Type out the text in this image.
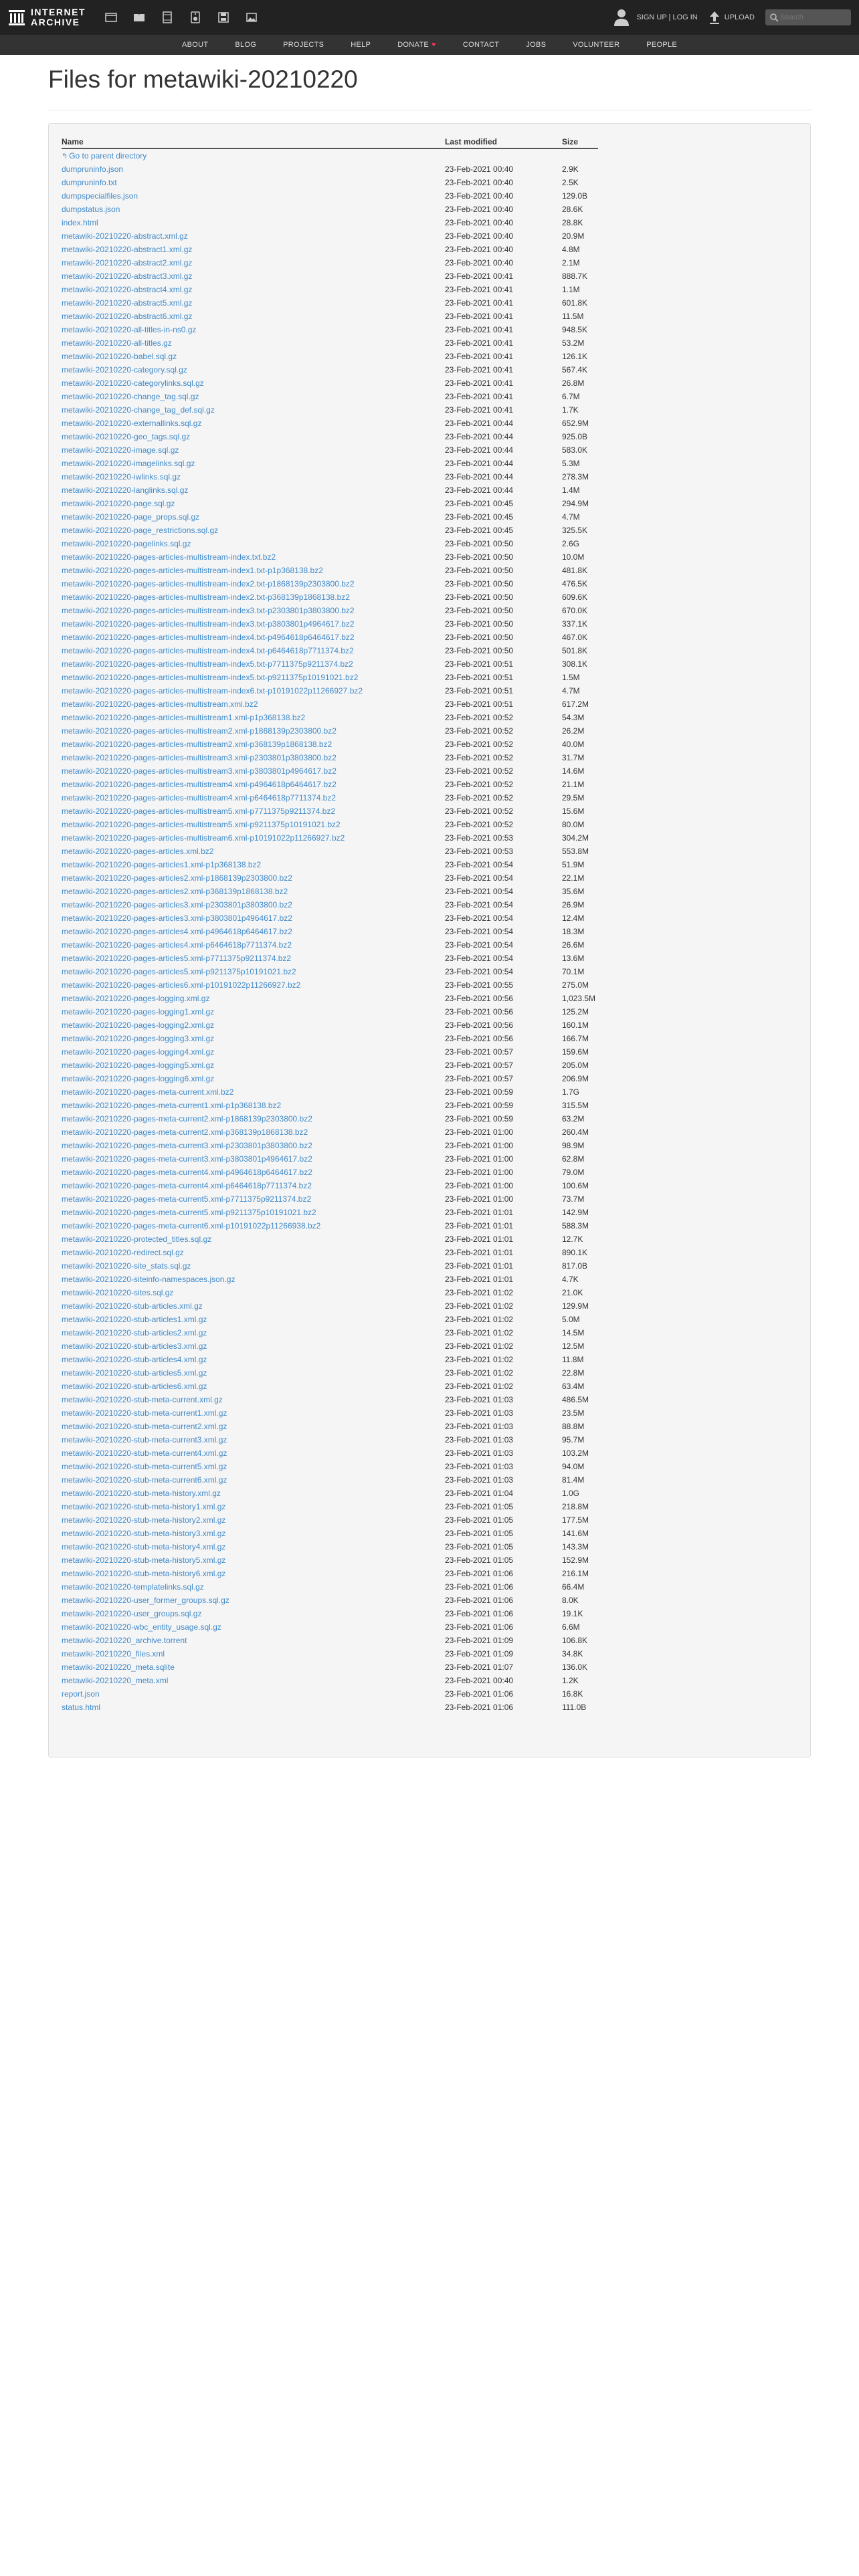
INTERNET
ARCHIVE	SIGN UP | LOG IN	UPLOAD
Search
ABOUT	BLOG	PROJECTS	HELP	DONATE ♥	CONTACT	JOBS	VOLUNTEER	PEOPLE
Files for metawiki-20210220
Name	Last modified	Size
↰ Go to parent directory		
dumpruninfo.json	23-Feb-2021 00:40	2.9K
dumpruninfo.txt	23-Feb-2021 00:40	2.5K
dumpspecialfiles.json	23-Feb-2021 00:40	129.0B
dumpstatus.json	23-Feb-2021 00:40	28.6K
index.html	23-Feb-2021 00:40	28.8K
metawiki-20210220-abstract.xml.gz	23-Feb-2021 00:40	20.9M
metawiki-20210220-abstract1.xml.gz	23-Feb-2021 00:40	4.8M
metawiki-20210220-abstract2.xml.gz	23-Feb-2021 00:40	2.1M
metawiki-20210220-abstract3.xml.gz	23-Feb-2021 00:41	888.7K
metawiki-20210220-abstract4.xml.gz	23-Feb-2021 00:41	1.1M
metawiki-20210220-abstract5.xml.gz	23-Feb-2021 00:41	601.8K
metawiki-20210220-abstract6.xml.gz	23-Feb-2021 00:41	11.5M
metawiki-20210220-all-titles-in-ns0.gz	23-Feb-2021 00:41	948.5K
metawiki-20210220-all-titles.gz	23-Feb-2021 00:41	53.2M
metawiki-20210220-babel.sql.gz	23-Feb-2021 00:41	126.1K
metawiki-20210220-category.sql.gz	23-Feb-2021 00:41	567.4K
metawiki-20210220-categorylinks.sql.gz	23-Feb-2021 00:41	26.8M
metawiki-20210220-change_tag.sql.gz	23-Feb-2021 00:41	6.7M
metawiki-20210220-change_tag_def.sql.gz	23-Feb-2021 00:41	1.7K
metawiki-20210220-externallinks.sql.gz	23-Feb-2021 00:44	652.9M
metawiki-20210220-geo_tags.sql.gz	23-Feb-2021 00:44	925.0B
metawiki-20210220-image.sql.gz	23-Feb-2021 00:44	583.0K
metawiki-20210220-imagelinks.sql.gz	23-Feb-2021 00:44	5.3M
metawiki-20210220-iwlinks.sql.gz	23-Feb-2021 00:44	278.3M
metawiki-20210220-langlinks.sql.gz	23-Feb-2021 00:44	1.4M
metawiki-20210220-page.sql.gz	23-Feb-2021 00:45	294.9M
metawiki-20210220-page_props.sql.gz	23-Feb-2021 00:45	4.7M
metawiki-20210220-page_restrictions.sql.gz	23-Feb-2021 00:45	325.5K
metawiki-20210220-pagelinks.sql.gz	23-Feb-2021 00:50	2.6G
metawiki-20210220-pages-articles-multistream-index.txt.bz2	23-Feb-2021 00:50	10.0M
metawiki-20210220-pages-articles-multistream-index1.txt-p1p368138.bz2	23-Feb-2021 00:50	481.8K
metawiki-20210220-pages-articles-multistream-index2.txt-p1868139p2303800.bz2	23-Feb-2021 00:50	476.5K
metawiki-20210220-pages-articles-multistream-index2.txt-p368139p1868138.bz2	23-Feb-2021 00:50	609.6K
metawiki-20210220-pages-articles-multistream-index3.txt-p2303801p3803800.bz2	23-Feb-2021 00:50	670.0K
metawiki-20210220-pages-articles-multistream-index3.txt-p3803801p4964617.bz2	23-Feb-2021 00:50	337.1K
metawiki-20210220-pages-articles-multistream-index4.txt-p4964618p6464617.bz2	23-Feb-2021 00:50	467.0K
metawiki-20210220-pages-articles-multistream-index4.txt-p6464618p7711374.bz2	23-Feb-2021 00:50	501.8K
metawiki-20210220-pages-articles-multistream-index5.txt-p7711375p9211374.bz2	23-Feb-2021 00:51	308.1K
metawiki-20210220-pages-articles-multistream-index5.txt-p9211375p10191021.bz2	23-Feb-2021 00:51	1.5M
metawiki-20210220-pages-articles-multistream-index6.txt-p10191022p11266927.bz2	23-Feb-2021 00:51	4.7M
metawiki-20210220-pages-articles-multistream.xml.bz2	23-Feb-2021 00:51	617.2M
metawiki-20210220-pages-articles-multistream1.xml-p1p368138.bz2	23-Feb-2021 00:52	54.3M
metawiki-20210220-pages-articles-multistream2.xml-p1868139p2303800.bz2	23-Feb-2021 00:52	26.2M
metawiki-20210220-pages-articles-multistream2.xml-p368139p1868138.bz2	23-Feb-2021 00:52	40.0M
metawiki-20210220-pages-articles-multistream3.xml-p2303801p3803800.bz2	23-Feb-2021 00:52	31.7M
metawiki-20210220-pages-articles-multistream3.xml-p3803801p4964617.bz2	23-Feb-2021 00:52	14.6M
metawiki-20210220-pages-articles-multistream4.xml-p4964618p6464617.bz2	23-Feb-2021 00:52	21.1M
metawiki-20210220-pages-articles-multistream4.xml-p6464618p7711374.bz2	23-Feb-2021 00:52	29.5M
metawiki-20210220-pages-articles-multistream5.xml-p7711375p9211374.bz2	23-Feb-2021 00:52	15.6M
metawiki-20210220-pages-articles-multistream5.xml-p9211375p10191021.bz2	23-Feb-2021 00:52	80.0M
metawiki-20210220-pages-articles-multistream6.xml-p10191022p11266927.bz2	23-Feb-2021 00:53	304.2M
metawiki-20210220-pages-articles.xml.bz2	23-Feb-2021 00:53	553.8M
metawiki-20210220-pages-articles1.xml-p1p368138.bz2	23-Feb-2021 00:54	51.9M
metawiki-20210220-pages-articles2.xml-p1868139p2303800.bz2	23-Feb-2021 00:54	22.1M
metawiki-20210220-pages-articles2.xml-p368139p1868138.bz2	23-Feb-2021 00:54	35.6M
metawiki-20210220-pages-articles3.xml-p2303801p3803800.bz2	23-Feb-2021 00:54	26.9M
metawiki-20210220-pages-articles3.xml-p3803801p4964617.bz2	23-Feb-2021 00:54	12.4M
metawiki-20210220-pages-articles4.xml-p4964618p6464617.bz2	23-Feb-2021 00:54	18.3M
metawiki-20210220-pages-articles4.xml-p6464618p7711374.bz2	23-Feb-2021 00:54	26.6M
metawiki-20210220-pages-articles5.xml-p7711375p9211374.bz2	23-Feb-2021 00:54	13.6M
metawiki-20210220-pages-articles5.xml-p9211375p10191021.bz2	23-Feb-2021 00:54	70.1M
metawiki-20210220-pages-articles6.xml-p10191022p11266927.bz2	23-Feb-2021 00:55	275.0M
metawiki-20210220-pages-logging.xml.gz	23-Feb-2021 00:56	1,023.5M
metawiki-20210220-pages-logging1.xml.gz	23-Feb-2021 00:56	125.2M
metawiki-20210220-pages-logging2.xml.gz	23-Feb-2021 00:56	160.1M
metawiki-20210220-pages-logging3.xml.gz	23-Feb-2021 00:56	166.7M
metawiki-20210220-pages-logging4.xml.gz	23-Feb-2021 00:57	159.6M
metawiki-20210220-pages-logging5.xml.gz	23-Feb-2021 00:57	205.0M
metawiki-20210220-pages-logging6.xml.gz	23-Feb-2021 00:57	206.9M
metawiki-20210220-pages-meta-current.xml.bz2	23-Feb-2021 00:59	1.7G
metawiki-20210220-pages-meta-current1.xml-p1p368138.bz2	23-Feb-2021 00:59	315.5M
metawiki-20210220-pages-meta-current2.xml-p1868139p2303800.bz2	23-Feb-2021 00:59	63.2M
metawiki-20210220-pages-meta-current2.xml-p368139p1868138.bz2	23-Feb-2021 01:00	260.4M
metawiki-20210220-pages-meta-current3.xml-p2303801p3803800.bz2	23-Feb-2021 01:00	98.9M
metawiki-20210220-pages-meta-current3.xml-p3803801p4964617.bz2	23-Feb-2021 01:00	62.8M
metawiki-20210220-pages-meta-current4.xml-p4964618p6464617.bz2	23-Feb-2021 01:00	79.0M
metawiki-20210220-pages-meta-current4.xml-p6464618p7711374.bz2	23-Feb-2021 01:00	100.6M
metawiki-20210220-pages-meta-current5.xml-p7711375p9211374.bz2	23-Feb-2021 01:00	73.7M
metawiki-20210220-pages-meta-current5.xml-p9211375p10191021.bz2	23-Feb-2021 01:01	142.9M
metawiki-20210220-pages-meta-current6.xml-p10191022p11266938.bz2	23-Feb-2021 01:01	588.3M
metawiki-20210220-protected_titles.sql.gz	23-Feb-2021 01:01	12.7K
metawiki-20210220-redirect.sql.gz	23-Feb-2021 01:01	890.1K
metawiki-20210220-site_stats.sql.gz	23-Feb-2021 01:01	817.0B
metawiki-20210220-siteinfo-namespaces.json.gz	23-Feb-2021 01:01	4.7K
metawiki-20210220-sites.sql.gz	23-Feb-2021 01:02	21.0K
metawiki-20210220-stub-articles.xml.gz	23-Feb-2021 01:02	129.9M
metawiki-20210220-stub-articles1.xml.gz	23-Feb-2021 01:02	5.0M
metawiki-20210220-stub-articles2.xml.gz	23-Feb-2021 01:02	14.5M
metawiki-20210220-stub-articles3.xml.gz	23-Feb-2021 01:02	12.5M
metawiki-20210220-stub-articles4.xml.gz	23-Feb-2021 01:02	11.8M
metawiki-20210220-stub-articles5.xml.gz	23-Feb-2021 01:02	22.8M
metawiki-20210220-stub-articles6.xml.gz	23-Feb-2021 01:02	63.4M
metawiki-20210220-stub-meta-current.xml.gz	23-Feb-2021 01:03	486.5M
metawiki-20210220-stub-meta-current1.xml.gz	23-Feb-2021 01:03	23.5M
metawiki-20210220-stub-meta-current2.xml.gz	23-Feb-2021 01:03	88.8M
metawiki-20210220-stub-meta-current3.xml.gz	23-Feb-2021 01:03	95.7M
metawiki-20210220-stub-meta-current4.xml.gz	23-Feb-2021 01:03	103.2M
metawiki-20210220-stub-meta-current5.xml.gz	23-Feb-2021 01:03	94.0M
metawiki-20210220-stub-meta-current6.xml.gz	23-Feb-2021 01:03	81.4M
metawiki-20210220-stub-meta-history.xml.gz	23-Feb-2021 01:04	1.0G
metawiki-20210220-stub-meta-history1.xml.gz	23-Feb-2021 01:05	218.8M
metawiki-20210220-stub-meta-history2.xml.gz	23-Feb-2021 01:05	177.5M
metawiki-20210220-stub-meta-history3.xml.gz	23-Feb-2021 01:05	141.6M
metawiki-20210220-stub-meta-history4.xml.gz	23-Feb-2021 01:05	143.3M
metawiki-20210220-stub-meta-history5.xml.gz	23-Feb-2021 01:05	152.9M
metawiki-20210220-stub-meta-history6.xml.gz	23-Feb-2021 01:06	216.1M
metawiki-20210220-templatelinks.sql.gz	23-Feb-2021 01:06	66.4M
metawiki-20210220-user_former_groups.sql.gz	23-Feb-2021 01:06	8.0K
metawiki-20210220-user_groups.sql.gz	23-Feb-2021 01:06	19.1K
metawiki-20210220-wbc_entity_usage.sql.gz	23-Feb-2021 01:06	6.6M
metawiki-20210220_archive.torrent	23-Feb-2021 01:09	106.8K
metawiki-20210220_files.xml	23-Feb-2021 01:09	34.8K
metawiki-20210220_meta.sqlite	23-Feb-2021 01:07	136.0K
metawiki-20210220_meta.xml	23-Feb-2021 00:40	1.2K
report.json	23-Feb-2021 01:06	16.8K
status.html	23-Feb-2021 01:06	111.0B
